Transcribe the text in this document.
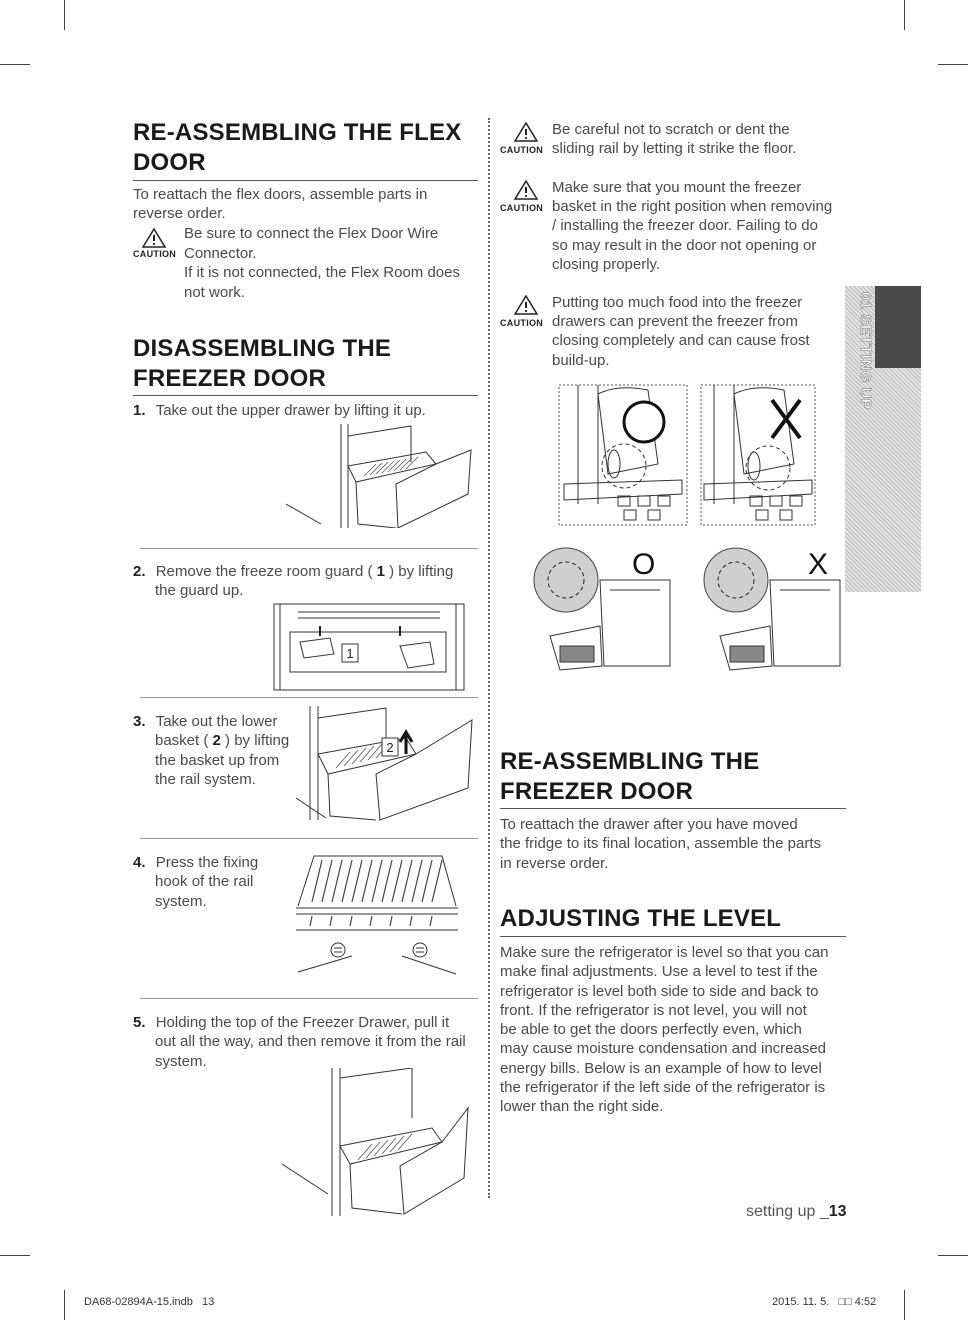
RE-ASSEMBLING THE FLEX
DOOR
To reattach the flex doors, assemble parts in
reverse order.
CAUTION
Be sure to connect the Flex Door Wire
Connector.
If it is not connected, the Flex Room does
not work.
DISASSEMBLING THE
FREEZER DOOR
1. Take out the upper drawer by lifting it up.
2. Remove the freeze room guard ( 1 ) by lifting
the guard up.
1
3. Take out the lower
basket ( 2 ) by lifting
the basket up from
the rail system.
2
4. Press the fixing
hook of the rail
system.
5. Holding the top of the Freezer Drawer, pull it
out all the way, and then remove it from the rail
system.
CAUTION
Be careful not to scratch or dent the
sliding rail by letting it strike the floor.
CAUTION
Make sure that you mount the freezer
basket in the right position when removing
/ installing the freezer door. Failing to do
so may result in the door not opening or
closing properly.
CAUTION
Putting too much food into the freezer
drawers can prevent the freezer from
closing completely and can cause frost
build-up.
O	X
RE-ASSEMBLING THE
FREEZER DOOR
To reattach the drawer after you have moved
the fridge to its final location, assemble the parts
in reverse order.
ADJUSTING THE LEVEL
Make sure the refrigerator is level so that you can
make final adjustments. Use a level to test if the
refrigerator is level both side to side and back to
front. If the refrigerator is not level, you will not
be able to get the doors perfectly even, which
may cause moisture condensation and increased
energy bills. Below is an example of how to level
the refrigerator if the left side of the refrigerator is
lower than the right side.
01 SETTING UP
setting up _13
DA68-02894A-15.indb   13	2015. 11. 5.   □□ 4:52
